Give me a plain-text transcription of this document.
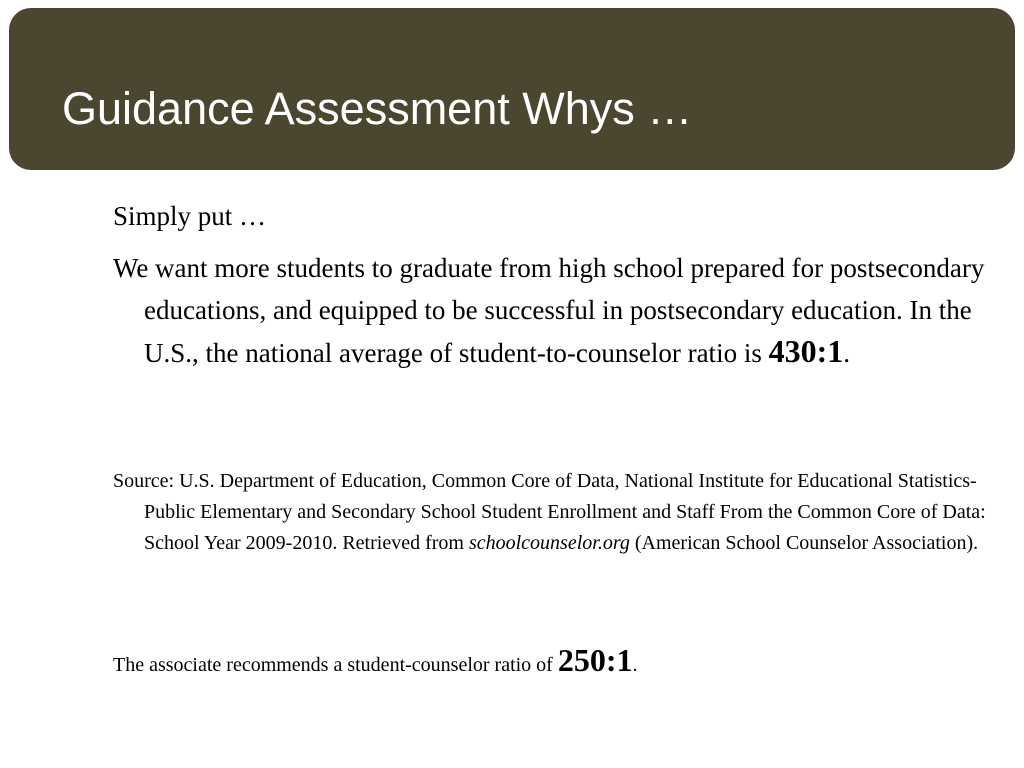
Guidance Assessment Whys …

Simply put …

We want more students to graduate from high school prepared for postsecondary educations, and equipped to be successful in postsecondary education. In the U.S., the national average of student-to-counselor ratio is 430:1.

Source: U.S. Department of Education, Common Core of Data, National Institute for Educational Statistics-Public Elementary and Secondary School Student Enrollment and Staff From the Common Core of Data: School Year 2009-2010. Retrieved from schoolcounselor.org (American School Counselor Association).

The associate recommends a student-counselor ratio of 250:1.
